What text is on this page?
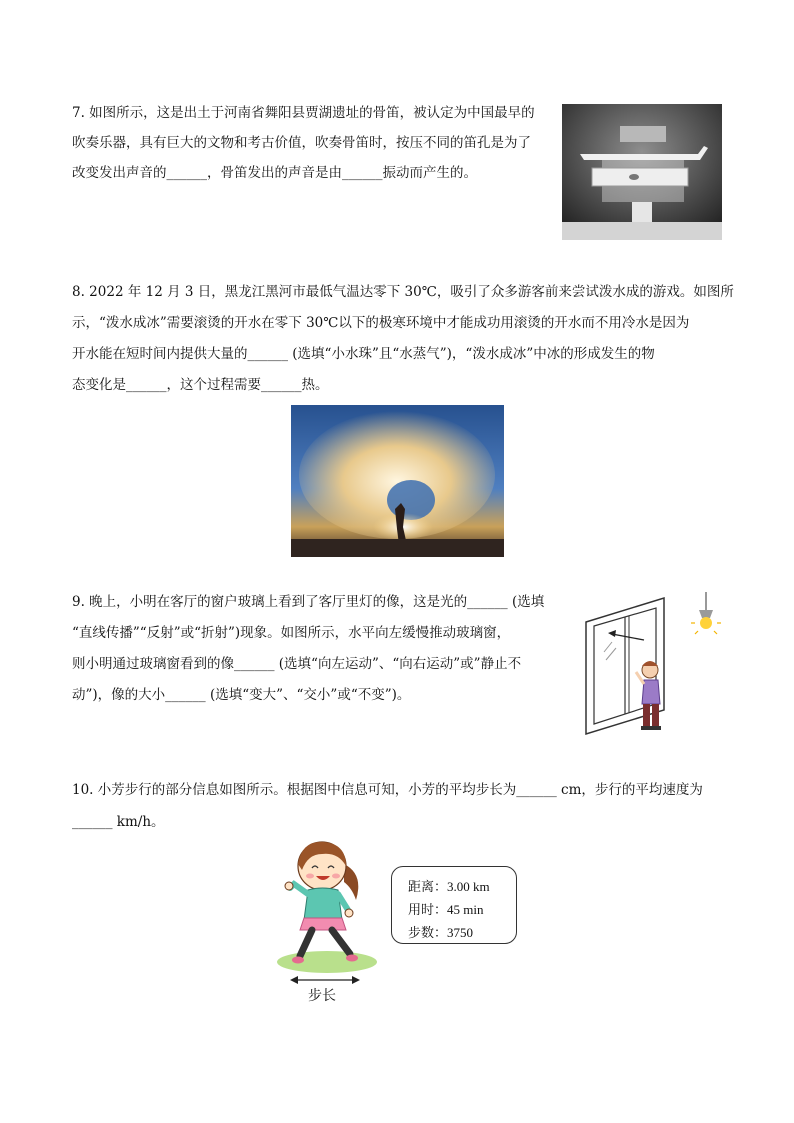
7. 如图所示，这是出土于河南省舞阳县贾湖遗址的骨笛，被认定为中国最早的
吹奏乐器，具有巨大的文物和考古价值，吹奏骨笛时，按压不同的笛孔是为了
改变发出声音的______，骨笛发出的声音是由______振动而产生的。
8. 2022 年 12 月 3 日，黑龙江黑河市最低气温达零下 30℃，吸引了众多游客前来尝试泼水成的游戏。如图所
示，“泼水成冰”需要滚烫的开水在零下 30℃以下的极寒环境中才能成功用滚烫的开水而不用冷水是因为
开水能在短时间内提供大量的______ (选填“小水珠”且“水蒸气”)，“泼水成冰”中冰的形成发生的物
态变化是______，这个过程需要______热。
9. 晚上，小明在客厅的窗户玻璃上看到了客厅里灯的像，这是光的______ (选填
“直线传播”“反射”或“折射”)现象。如图所示，水平向左缓慢推动玻璃窗，
则小明通过玻璃窗看到的像______ (选填“向左运动”、“向右运动”或”静止不
动”)，像的大小______ (选填“变大”、“交小”或“不变”)。
10. 小芳步行的部分信息如图所示。根据图中信息可知，小芳的平均步长为______ cm，步行的平均速度为
______ km/h。
步长
距离：3.00 km
用时：45 min
步数：3750
